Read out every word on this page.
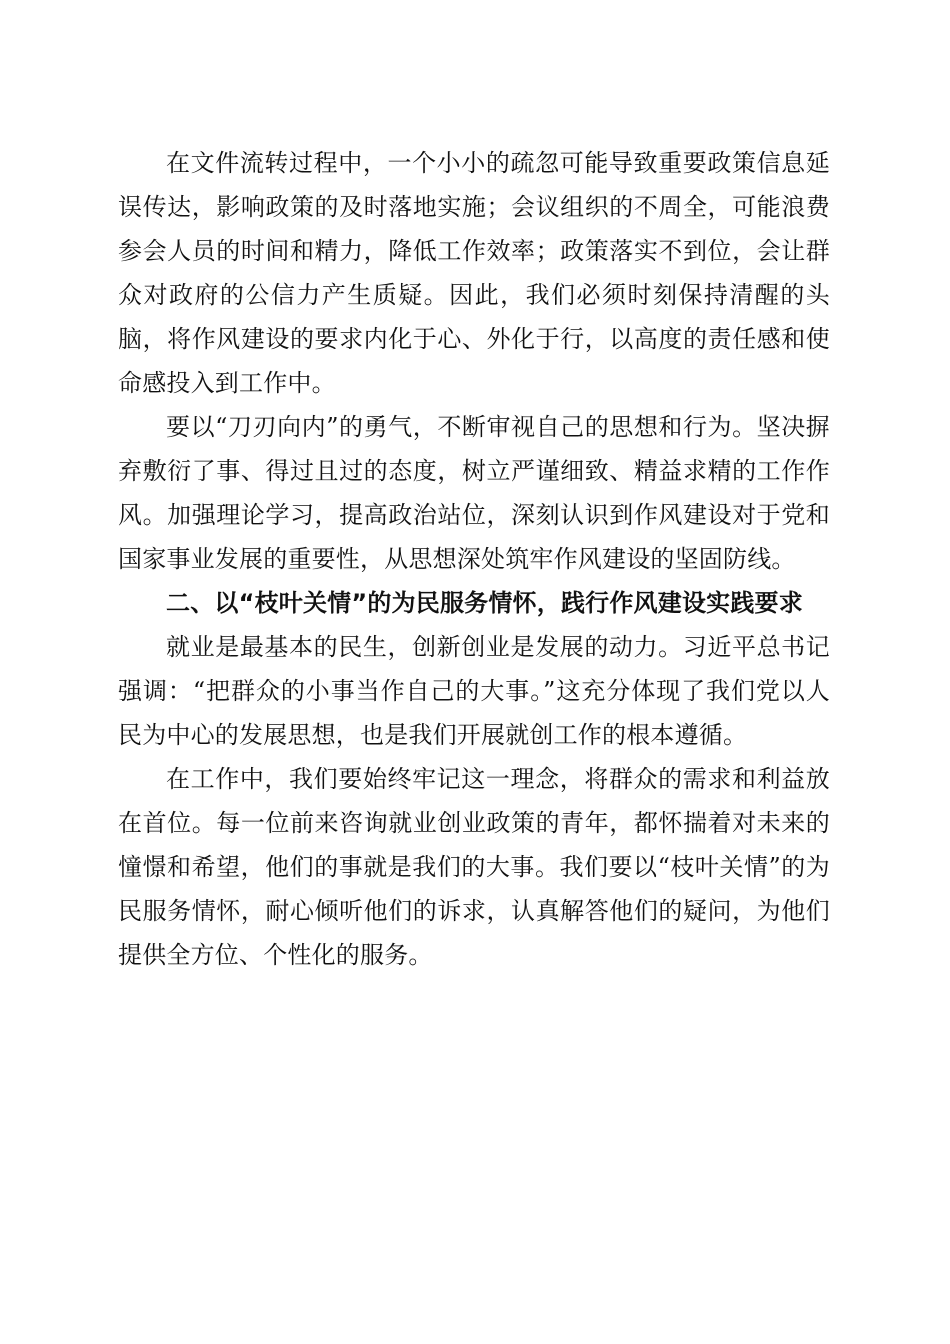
在文件流转过程中，一个小小的疏忽可能导致重要政策信息延误传达，影响政策的及时落地实施；会议组织的不周全，可能浪费参会人员的时间和精力，降低工作效率；政策落实不到位，会让群众对政府的公信力产生质疑。因此，我们必须时刻保持清醒的头脑，将作风建设的要求内化于心、外化于行，以高度的责任感和使命感投入到工作中。

要以“刀刃向内”的勇气，不断审视自己的思想和行为。坚决摒弃敷衍了事、得过且过的态度，树立严谨细致、精益求精的工作作风。加强理论学习，提高政治站位，深刻认识到作风建设对于党和国家事业发展的重要性，从思想深处筑牢作风建设的坚固防线。

二、以“枝叶关情”的为民服务情怀，践行作风建设实践要求

就业是最基本的民生，创新创业是发展的动力。习近平总书记强调：“把群众的小事当作自己的大事。”这充分体现了我们党以人民为中心的发展思想，也是我们开展就创工作的根本遵循。

在工作中，我们要始终牢记这一理念，将群众的需求和利益放在首位。每一位前来咨询就业创业政策的青年，都怀揣着对未来的憧憬和希望，他们的事就是我们的大事。我们要以“枝叶关情”的为民服务情怀，耐心倾听他们的诉求，认真解答他们的疑问，为他们提供全方位、个性化的服务。
